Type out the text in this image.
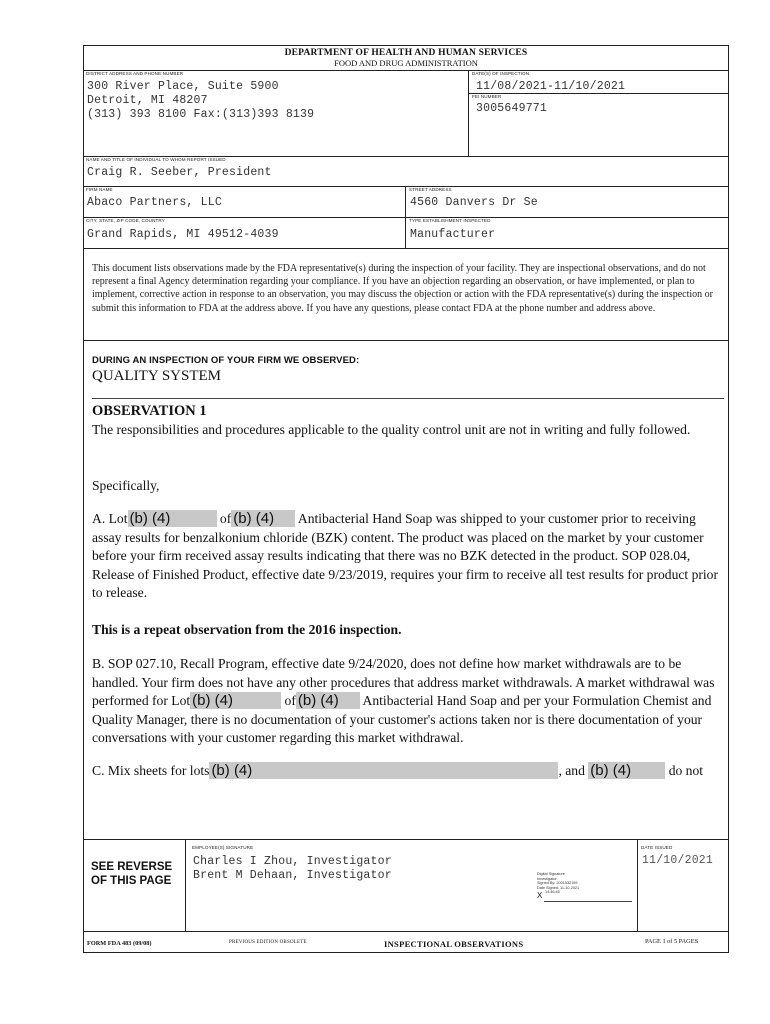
DEPARTMENT OF HEALTH AND HUMAN SERVICES
FOOD AND DRUG ADMINISTRATION
DISTRICT ADDRESS AND PHONE NUMBER
300 River Place, Suite 5900
Detroit, MI 48207
(313) 393 8100 Fax:(313)393 8139
DATE(S) OF INSPECTION
11/08/2021-11/10/2021
FEI NUMBER
3005649771
NAME AND TITLE OF INDIVIDUAL TO WHOM REPORT ISSUED
Craig R. Seeber, President
FIRM NAME
Abaco Partners, LLC
STREET ADDRESS
4560 Danvers Dr Se
CITY, STATE, ZIP CODE, COUNTRY
Grand Rapids, MI 49512-4039
TYPE ESTABLISHMENT INSPECTED
Manufacturer
This document lists observations made by the FDA representative(s) during the inspection of your facility. They are inspectional observations, and do not represent a final Agency determination regarding your compliance. If you have an objection regarding an observation, or have implemented, or plan to implement, corrective action in response to an observation, you may discuss the objection or action with the FDA representative(s) during the inspection or submit this information to FDA at the address above. If you have any questions, please contact FDA at the phone number and address above.
DURING AN INSPECTION OF YOUR FIRM WE OBSERVED:
QUALITY SYSTEM
OBSERVATION 1

The responsibilities and procedures applicable to the quality control unit are not in writing and fully followed.

Specifically,

A. Lot (b) (4)	of (b) (4) Antibacterial Hand Soap was shipped to your customer prior to receiving assay results for benzalkonium chloride (BZK) content. The product was placed on the market by your customer before your firm received assay results indicating that there was no BZK detected in the product. SOP 028.04, Release of Finished Product, effective date 9/23/2019, requires your firm to receive all test results for product prior to release.

This is a repeat observation from the 2016 inspection.

B. SOP 027.10, Recall Program, effective date 9/24/2020, does not define how market withdrawals are to be handled. Your firm does not have any other procedures that address market withdrawals. A market withdrawal was performed for Lot (b) (4)	of (b) (4) Antibacterial Hand Soap and per your Formulation Chemist and Quality Manager, there is no documentation of your customer's actions taken nor is there documentation of your conversations with your customer regarding this market withdrawal.

C. Mix sheets for lots (b) (4)	, and (b) (4)	do not

SEE REVERSE
OF THIS PAGE
EMPLOYEE(S) SIGNATURE
Charles I Zhou, Investigator
Brent M Dehaan, Investigator	Digital Signature
Investigator
Signed By: 2001532159
Date Signed: 11-10-2021
14:46:45
X
DATE ISSUED
11/10/2021
FORM FDA 483 (09/08)	PREVIOUS EDITION OBSOLETE	INSPECTIONAL OBSERVATIONS	PAGE 1 of 5 PAGES
